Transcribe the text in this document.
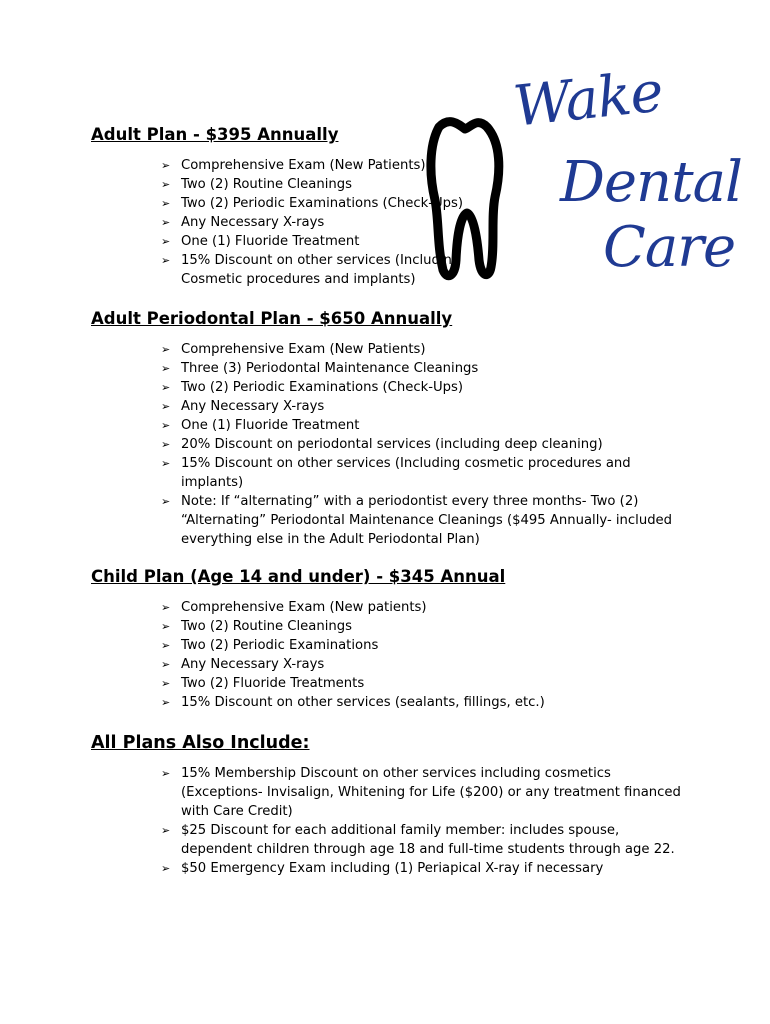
Wake
Dental
Care
Adult Plan - $395 Annually
➢ Comprehensive Exam (New Patients)
➢ Two (2) Routine Cleanings
➢ Two (2) Periodic Examinations (Check-Ups)
➢ Any Necessary X-rays
➢ One (1) Fluoride Treatment
➢ 15% Discount on other services (Including Cosmetic procedures and implants)
Adult Periodontal Plan - $650 Annually
➢ Comprehensive Exam (New Patients)
➢ Three (3) Periodontal Maintenance Cleanings
➢ Two (2) Periodic Examinations (Check-Ups)
➢ Any Necessary X-rays
➢ One (1) Fluoride Treatment
➢ 20% Discount on periodontal services (including deep cleaning)
➢ 15% Discount on other services (Including cosmetic procedures and implants)
➢ Note: If “alternating” with a periodontist every three months- Two (2) “Alternating” Periodontal Maintenance Cleanings ($495 Annually- included everything else in the Adult Periodontal Plan)
Child Plan (Age 14 and under) - $345 Annual
➢ Comprehensive Exam (New patients)
➢ Two (2) Routine Cleanings
➢ Two (2) Periodic Examinations
➢ Any Necessary X-rays
➢ Two (2) Fluoride Treatments
➢ 15% Discount on other services (sealants, fillings, etc.)
All Plans Also Include:
➢ 15% Membership Discount on other services including cosmetics (Exceptions- Invisalign, Whitening for Life ($200) or any treatment financed with Care Credit)
➢ $25 Discount for each additional family member: includes spouse, dependent children through age 18 and full-time students through age 22.
➢ $50 Emergency Exam including (1) Periapical X-ray if necessary
